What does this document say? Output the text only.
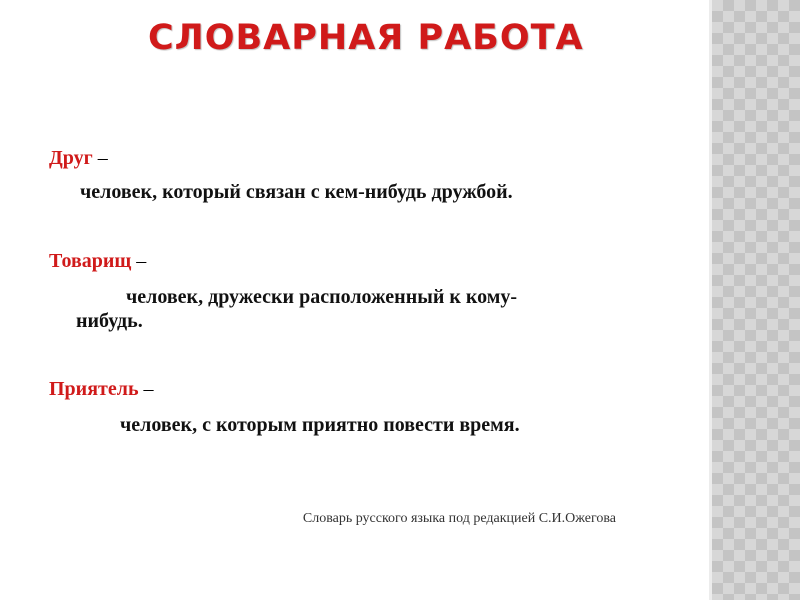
СЛОВАРНАЯ РАБОТА
Друг –
человек, который связан с кем-нибудь дружбой.
Товарищ –
человек, дружески расположенный к кому-
нибудь.
Приятель –
человек, с которым приятно повести время.
Словарь русского языка под редакцией С.И.Ожегова
